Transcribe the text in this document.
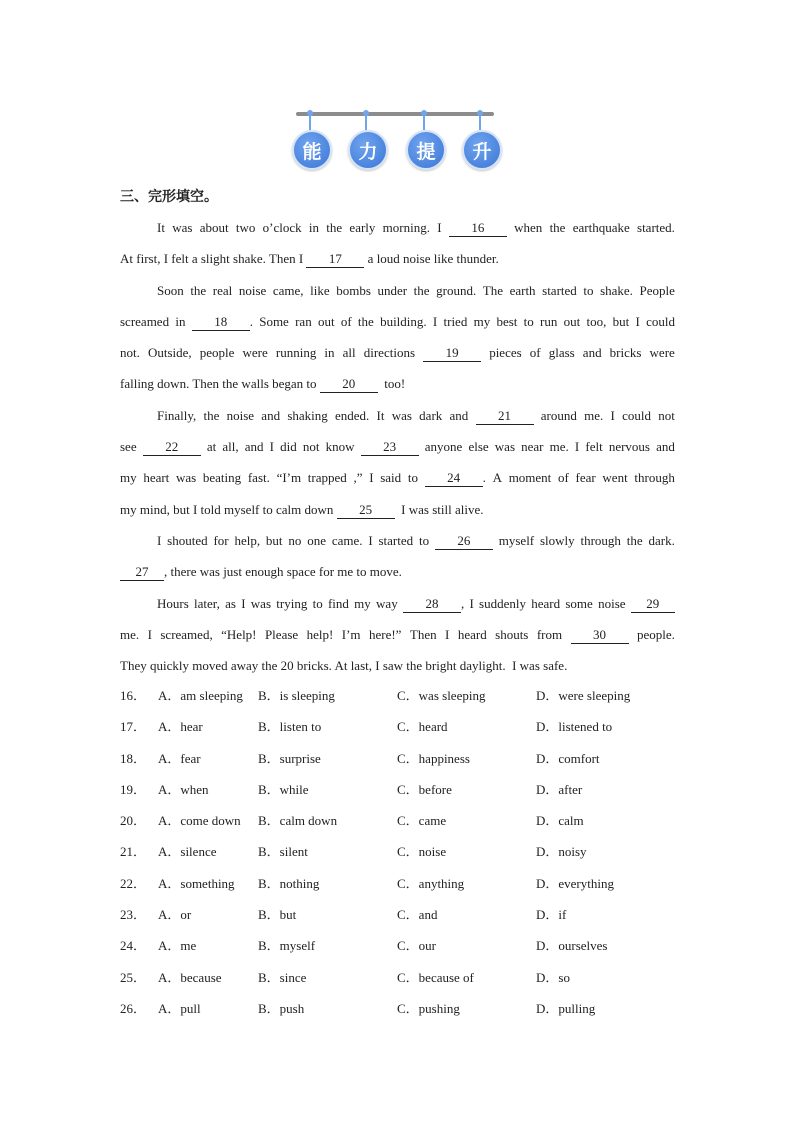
能	力	提	升
三、完形填空。
It was about two o’clock in the early morning. I	16	when the earthquake started.
At first, I felt a slight shake. Then I	17	a loud noise like thunder.
Soon the real noise came, like bombs under the ground. The earth started to shake. People
screamed in	18 . Some ran out of the building. I tried my best to run out too, but I could
not. Outside, people were running in all directions	19	pieces of glass and bricks were
falling down. Then the walls began to	20	too!
Finally, the noise and shaking ended. It was dark and	21	around me. I could not
see	22	at all, and I did not know	23	anyone else was near me. I felt nervous and
my heart was beating fast. “I’m trapped ,” I said to	24 . A moment of fear went through
my mind, but I told myself to calm down	25	I was still alive.
I shouted for help, but no one came. I started to	26	myself slowly through the dark.
27 , there was just enough space for me to move.
Hours later, as I was trying to find my way	28 , I suddenly heard some noise	29
me. I screamed, “Help! Please help! I’m here!” Then I heard shouts from	30	people.
They quickly moved away the 20 bricks. At last, I saw the bright daylight.  I was safe.
16． A．am sleeping B．is sleeping	C．was sleeping	D．were sleeping
17． A．hear	B．listen to	C．heard	D．listened to
18． A．fear	B．surprise	C．happiness	D．comfort
19． A．when	B．while	C．before	D．after
20． A．come down B．calm down	C．came	D．calm
21． A．silence	B．silent	C．noise	D．noisy
22． A．something B．nothing	C．anything	D．everything
23． A．or	B．but	C．and	D．if
24． A．me	B．myself	C．our	D．ourselves
25． A．because	B．since	C．because of	D．so
26． A．pull	B．push	C．pushing	D．pulling
